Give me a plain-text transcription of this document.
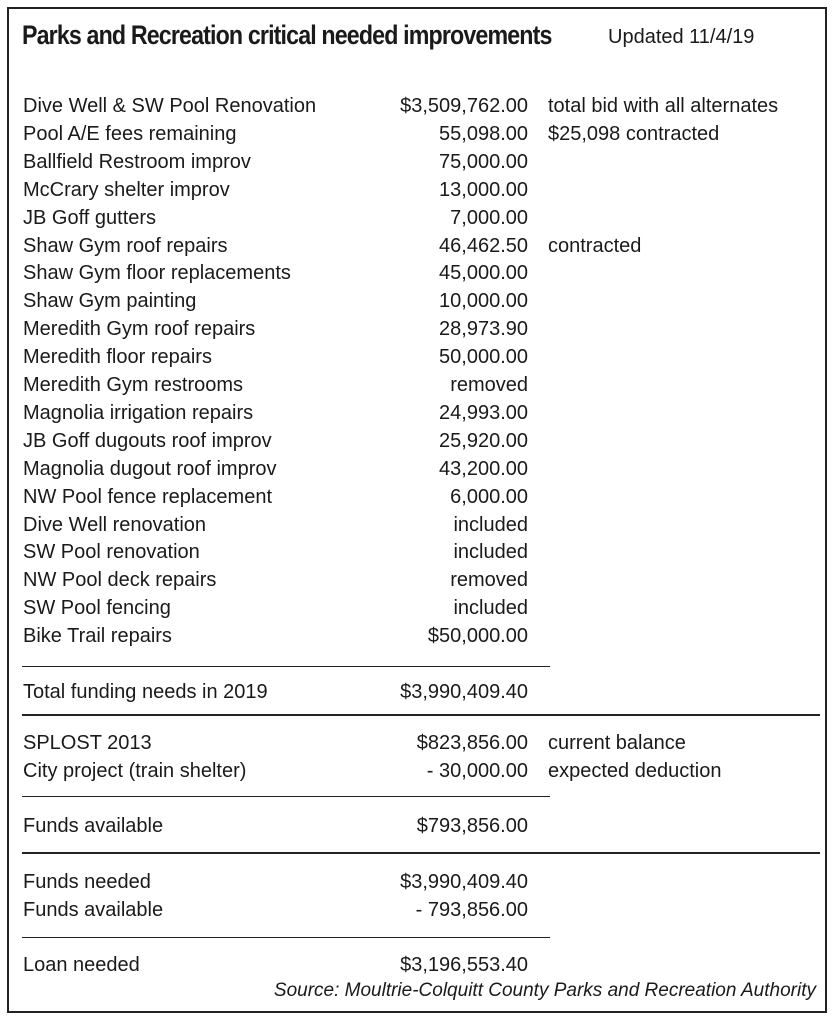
Parks and Recreation critical needed improvements	Updated 11/4/19
Dive Well & SW Pool Renovation	$3,509,762.00 total bid with all alternates
Pool A/E fees remaining	55,098.00 $25,098 contracted
Ballfield Restroom improv	75,000.00
McCrary shelter improv	13,000.00
JB Goff gutters	7,000.00
Shaw Gym roof repairs	46,462.50 contracted
Shaw Gym floor replacements	45,000.00
Shaw Gym painting	10,000.00
Meredith Gym roof repairs	28,973.90
Meredith floor repairs	50,000.00
Meredith Gym restrooms	removed
Magnolia irrigation repairs	24,993.00
JB Goff dugouts roof improv	25,920.00
Magnolia dugout roof improv	43,200.00
NW Pool fence replacement	6,000.00
Dive Well renovation	included
SW Pool renovation	included
NW Pool deck repairs	removed
SW Pool fencing	included
Bike Trail repairs	$50,000.00
Total funding needs in 2019	$3,990,409.40
SPLOST 2013	$823,856.00 current balance
City project (train shelter)	- 30,000.00 expected deduction
Funds available	$793,856.00
Funds needed	$3,990,409.40
Funds available	- 793,856.00
Loan needed	$3,196,553.40
Source: Moultrie-Colquitt County Parks and Recreation Authority
